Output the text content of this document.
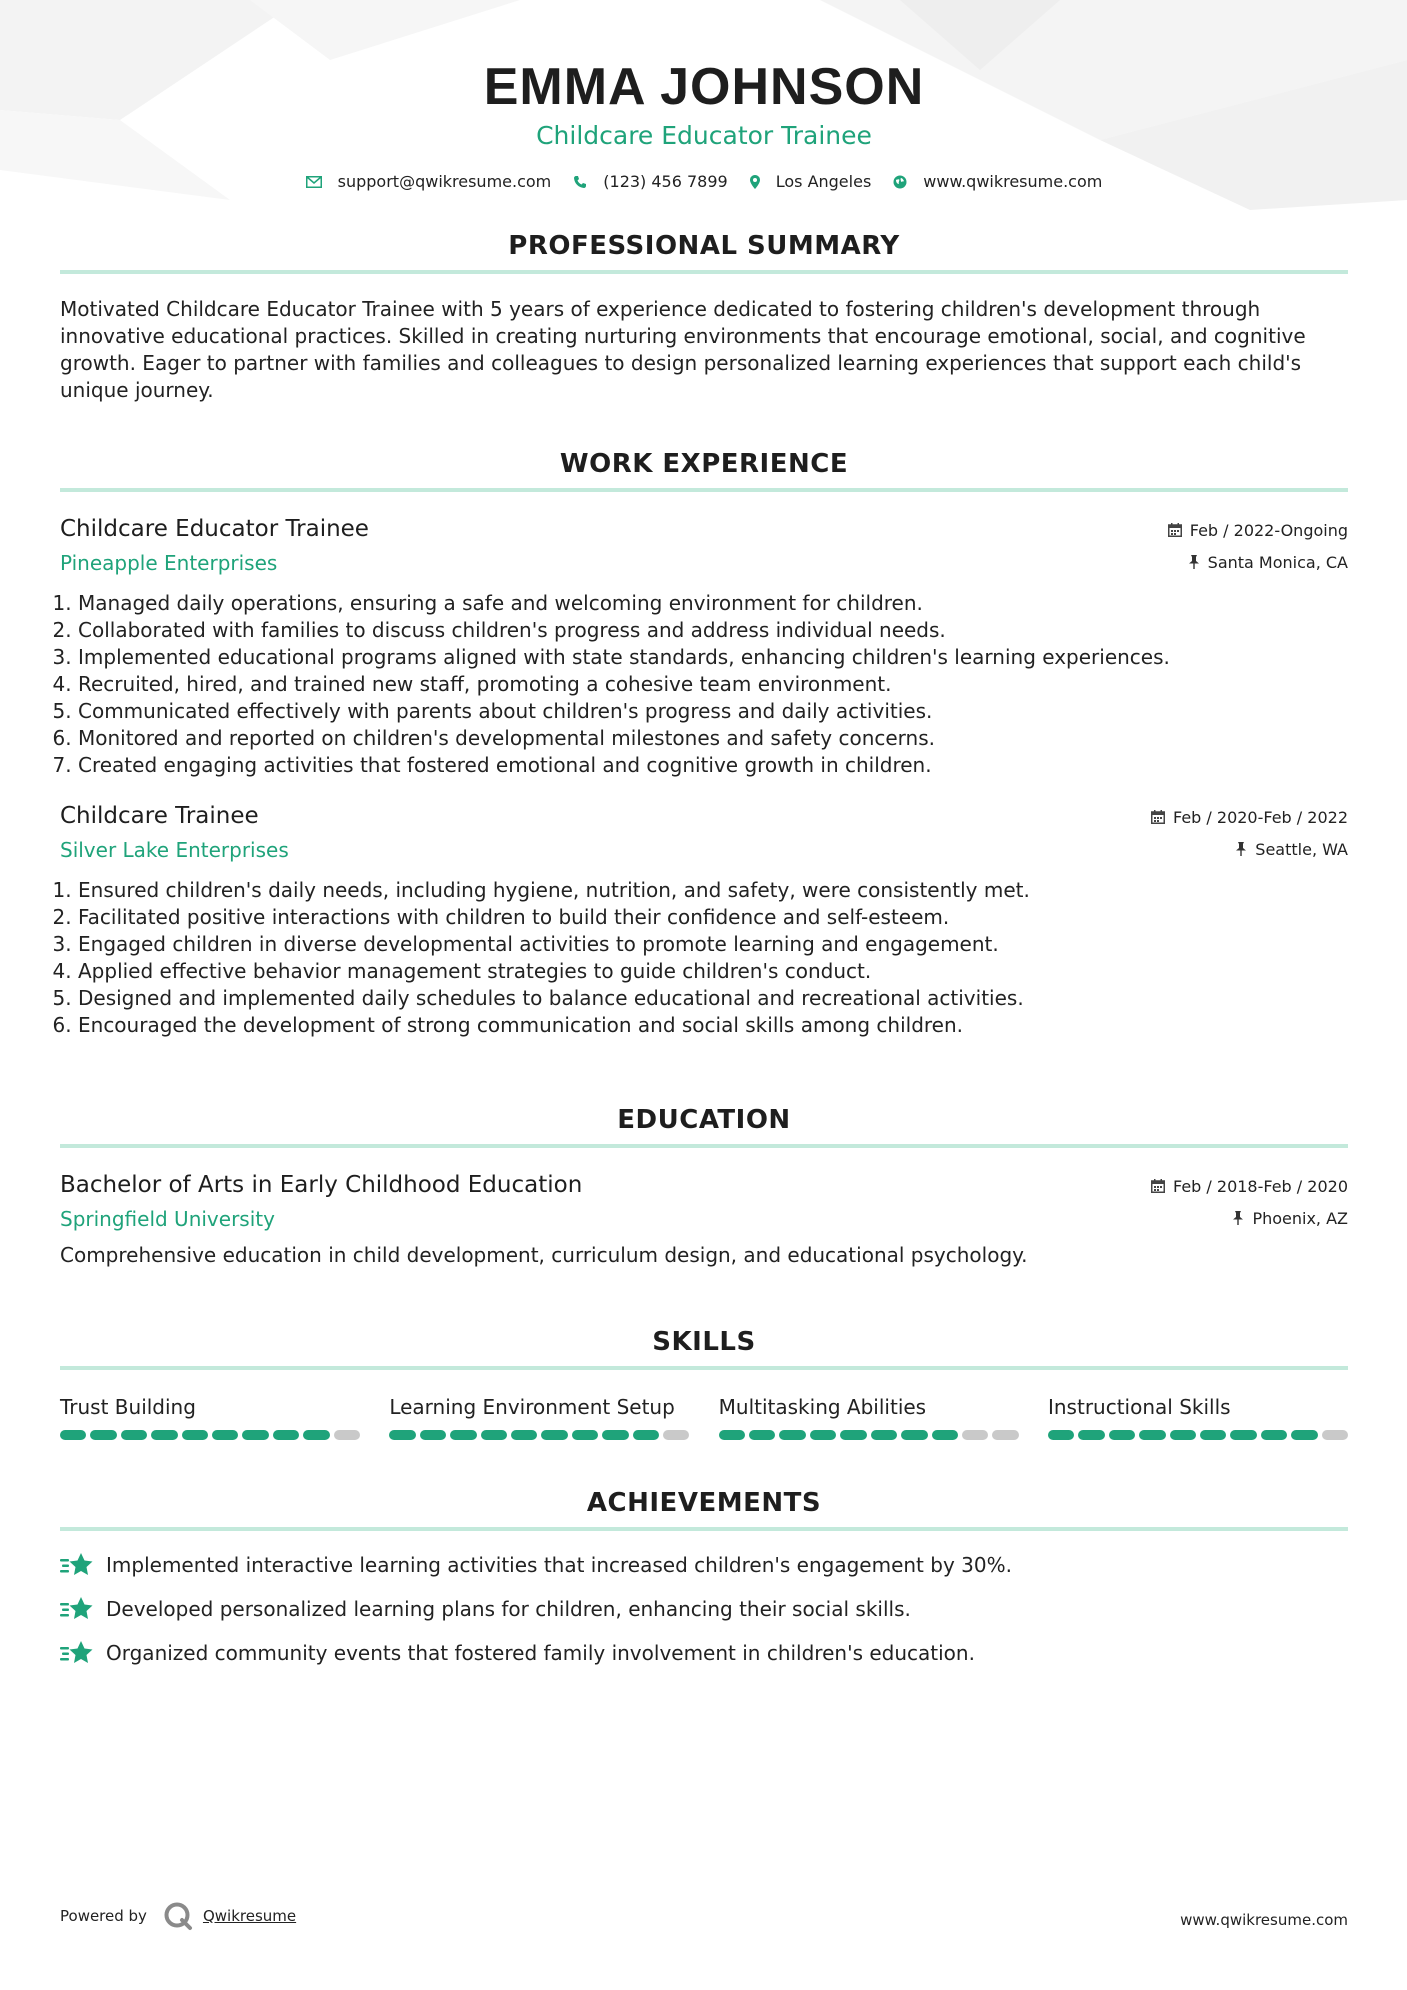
EMMA JOHNSON
Childcare Educator Trainee
support@qwikresume.com	(123) 456 7899	Los Angeles	www.qwikresume.com
PROFESSIONAL SUMMARY
Motivated Childcare Educator Trainee with 5 years of experience dedicated to fostering children's development through innovative educational practices. Skilled in creating nurturing environments that encourage emotional, social, and cognitive growth. Eager to partner with families and colleagues to design personalized learning experiences that support each child's unique journey.
WORK EXPERIENCE
Childcare Educator Trainee
Pineapple Enterprises
Feb / 2022-Ongoing
Santa Monica, CA
1. Managed daily operations, ensuring a safe and welcoming environment for children.
2. Collaborated with families to discuss children's progress and address individual needs.
3. Implemented educational programs aligned with state standards, enhancing children's learning experiences.
4. Recruited, hired, and trained new staff, promoting a cohesive team environment.
5. Communicated effectively with parents about children's progress and daily activities.
6. Monitored and reported on children's developmental milestones and safety concerns.
7. Created engaging activities that fostered emotional and cognitive growth in children.
Childcare Trainee
Silver Lake Enterprises
Feb / 2020-Feb / 2022
Seattle, WA
1. Ensured children's daily needs, including hygiene, nutrition, and safety, were consistently met.
2. Facilitated positive interactions with children to build their confidence and self-esteem.
3. Engaged children in diverse developmental activities to promote learning and engagement.
4. Applied effective behavior management strategies to guide children's conduct.
5. Designed and implemented daily schedules to balance educational and recreational activities.
6. Encouraged the development of strong communication and social skills among children.
EDUCATION
Bachelor of Arts in Early Childhood Education
Springfield University
Feb / 2018-Feb / 2020
Phoenix, AZ
Comprehensive education in child development, curriculum design, and educational psychology.
SKILLS
Trust Building	Learning Environment Setup	Multitasking Abilities	Instructional Skills
ACHIEVEMENTS
Implemented interactive learning activities that increased children's engagement by 30%.
Developed personalized learning plans for children, enhancing their social skills.
Organized community events that fostered family involvement in children's education.
Powered by	Qwikresume	www.qwikresume.com
